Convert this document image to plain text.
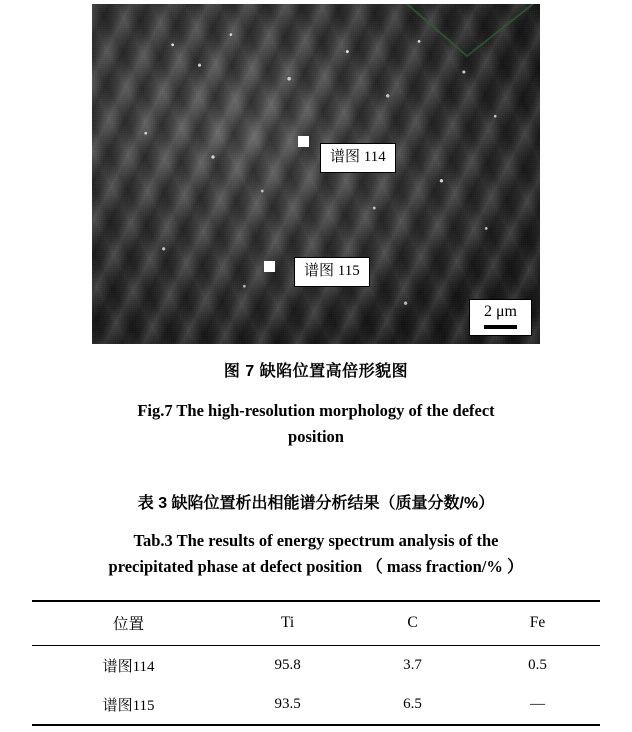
谱图 114
谱图 115
2 μm
图 7 缺陷位置高倍形貌图
Fig.7 The high-resolution morphology of the defect
position
表 3 缺陷位置析出相能谱分析结果（质量分数/%）
Tab.3 The results of energy spectrum analysis of the
precipitated phase at defect position （ mass fraction/% ）
位置	Ti	C	Fe
谱图114	95.8	3.7	0.5
谱图115	93.5	6.5	—
